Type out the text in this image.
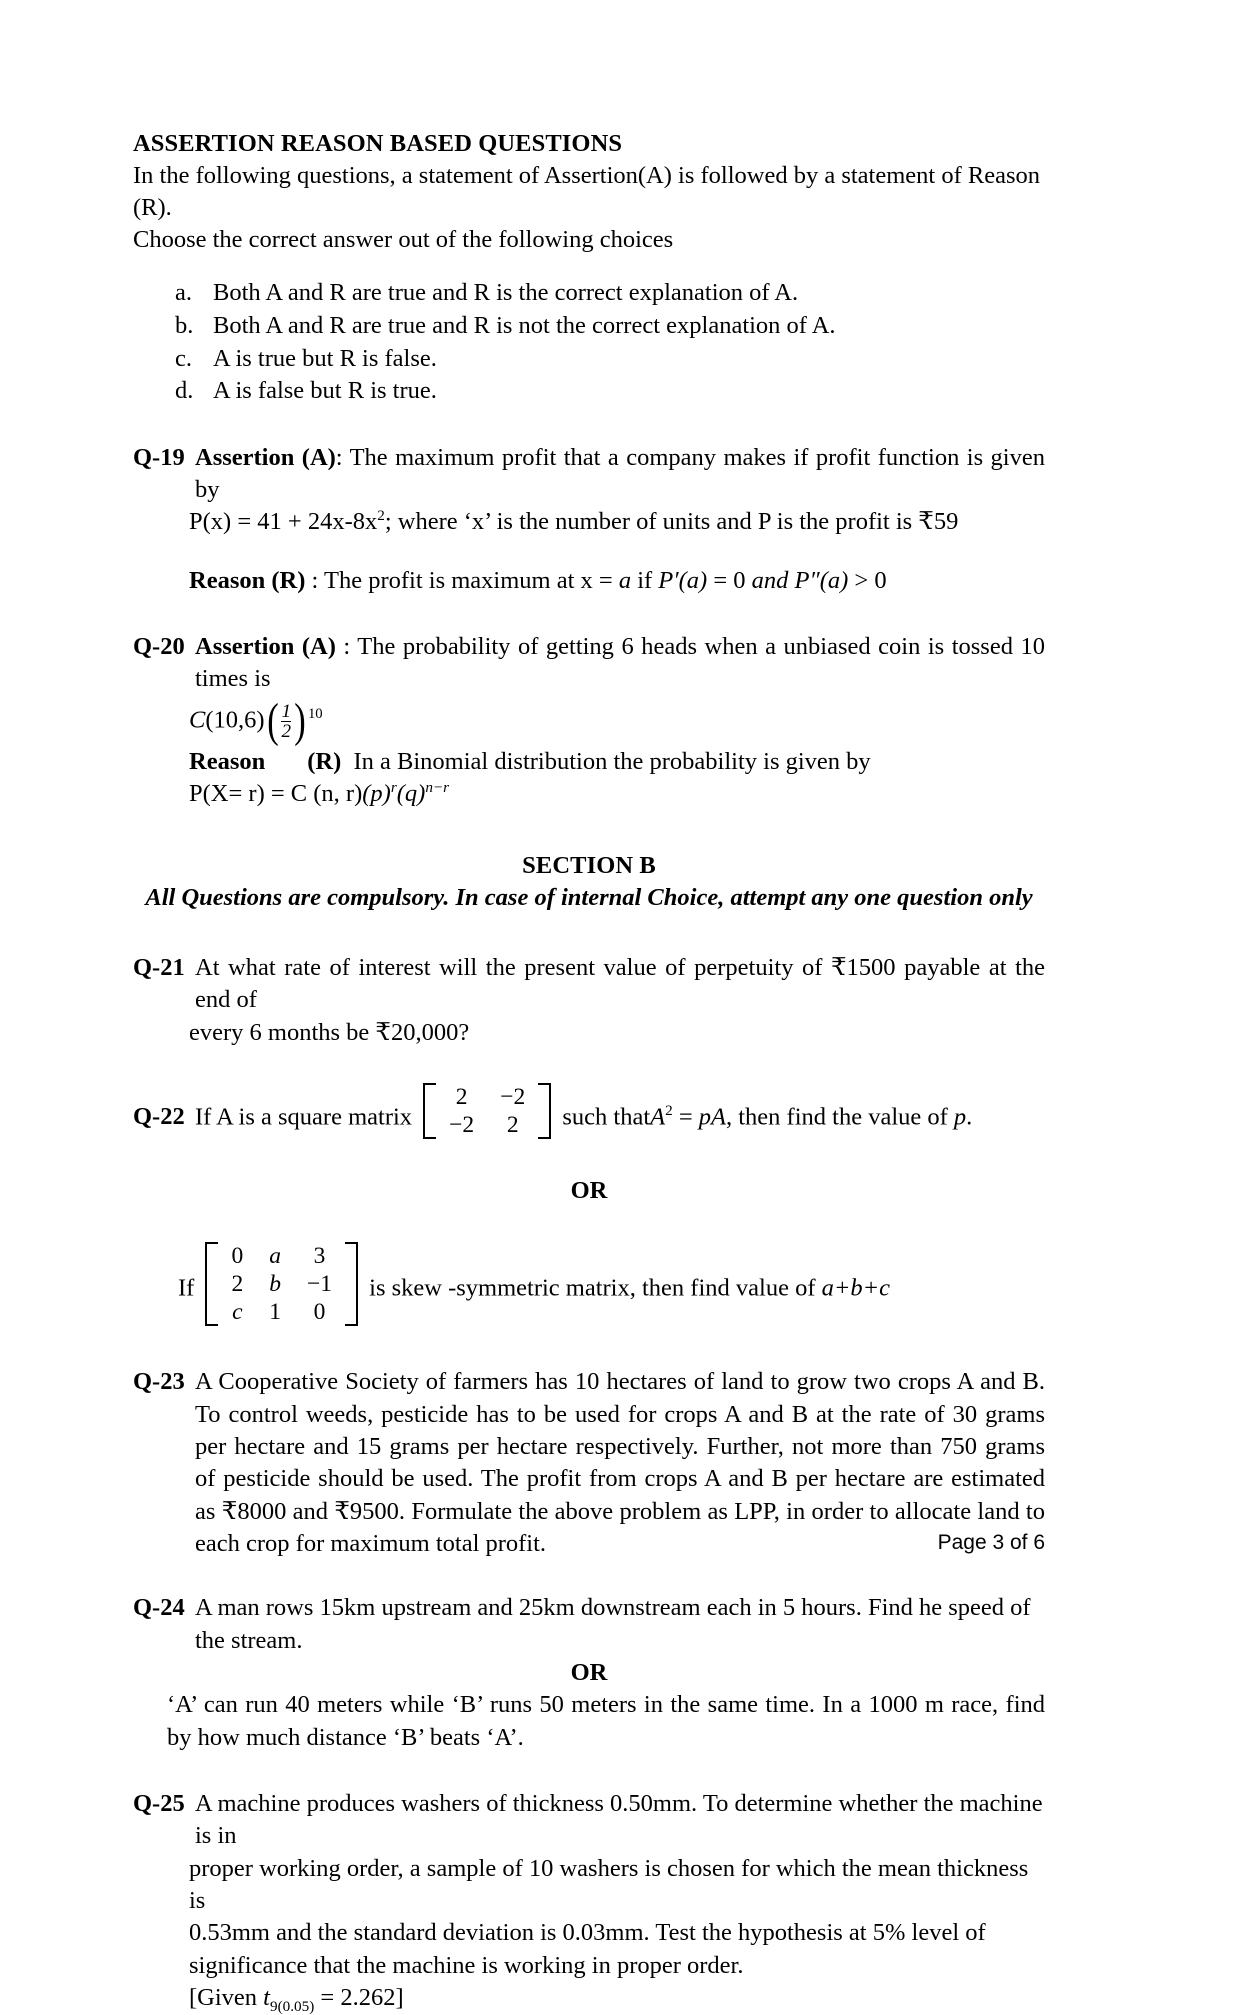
ASSERTION REASON BASED QUESTIONS
In the following questions, a statement of Assertion(A) is followed by a statement of Reason (R).
Choose the correct answer out of the following choices
a. Both A and R are true and R is the correct explanation of A.
b. Both A and R are true and R is not the correct explanation of A.
c. A is true but R is false.
d. A is false but R is true.
Q-19 Assertion (A): The maximum profit that a company makes if profit function is given by
$P(x) = 41 + 24x-8x^2$; where ‘x’ is the number of units and P is the profit is ₹59
Reason (R) : The profit is maximum at x = a if P′(a) = 0 and P″(a) > 0
Q-20 Assertion (A) : The probability of getting 6 heads when a unbiased coin is tossed 10 times is
C(10,6) ( $\frac{1}{2}$ ) 10
Reason (R) In a Binomial distribution the probability is given by
P(X= r) = C (n, $r)(p)^r(q)^{n-r}$
SECTION B
All Questions are compulsory. In case of internal Choice, attempt any one question only
Q-21 At what rate of interest will the present value of perpetuity of ₹1500 payable at the end of
every 6 months be ₹20,000?
Q-22 If A is a square matrix
2	−2
−2	2 such thatA$^2$ = pA, then find the value of p.
OR
If
0	a	3
2	b	−1
c	1	0
is skew -symmetric matrix, then find value of a+b+c
Q-23 A Cooperative Society of farmers has 10 hectares of land to grow two crops A and B. To control weeds, pesticide has to be used for crops A and B at the rate of 30 grams per hectare and 15 grams per hectare respectively. Further, not more than 750 grams of pesticide should be used. The profit from crops A and B per hectare are estimated as ₹8000 and ₹9500. Formulate the above problem as LPP, in order to allocate land to each crop for maximum total profit.
Q-24 A man rows 15km upstream and 25km downstream each in 5 hours. Find he speed of the stream.
OR
‘A’ can run 40 meters while ‘B’ runs 50 meters in the same time. In a 1000 m race, find by how much distance ‘B’ beats ‘A’.
Q-25 A machine produces washers of thickness 0.50mm. To determine whether the machine is in
proper working order, a sample of 10 washers is chosen for which the mean thickness is
0.53mm and the standard deviation is 0.03mm. Test the hypothesis at 5% level of
significance that the machine is working in proper order.
[Given $t_{9(0.05)} = 2.262$]
Page 3 of 6
